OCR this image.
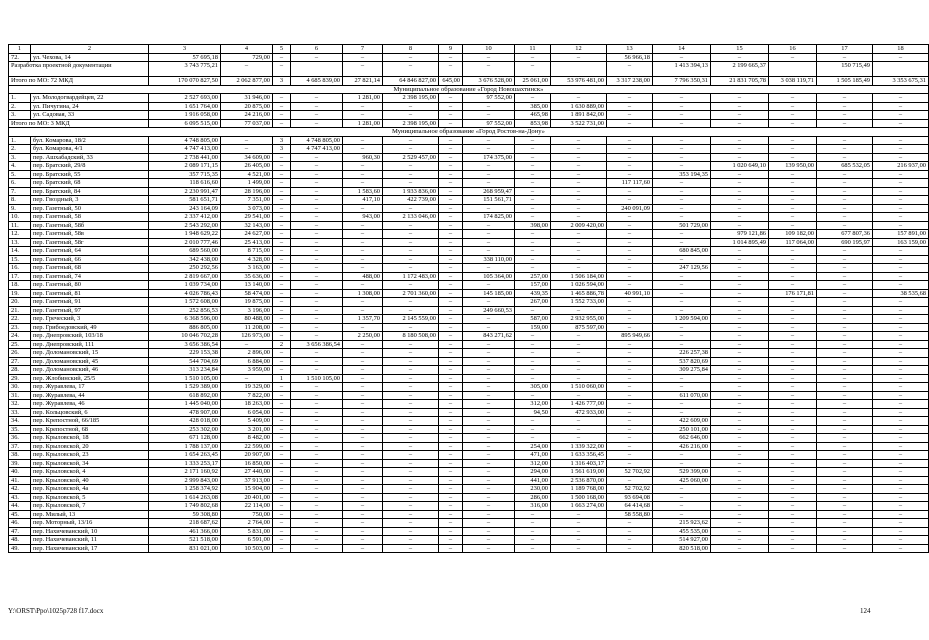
1	2	3	4	5	6	7	8	9	10	11	12	13	14	15	16	17	18
72.	ул. Чехова, 14	57 695,18	729,00	–	–	–	–	–	–	–	–	56 966,18	–	–	–	–	–
Разработка проектной документации		3 743 775,21	–	–		–	–	–	–	–		–	1 413 394,13	2 199 665,37		150 715,49	
Итого по МО: 72 МКД		170 070 827,50	2 062 877,00	3	4 685 839,00	27 821,14	64 846 827,00	645,00	3 676 528,00	25 061,00	53 976 481,00	3 317 238,00	7 796 350,31	21 831 705,78	3 038 119,71	1 505 185,49	3 353 675,31
Муниципальное образование «Город Новошахтинск»																	
1.	ул. Молодогвардейцев, 22	2 527 693,00	31 946,00	–	–	1 281,00	2 398 195,00	–	97 552,00	–	–	–	–	–	–	–	–
2.	ул. Пичугина, 24	1 651 764,00	20 875,00	–	–	–	–	–	–	385,00	1 630 889,00	–	–	–	–	–	–
3.	ул. Садовая, 33	1 916 058,00	24 216,00	–	–	–	–	–	–	465,98	1 891 842,00	–	–	–	–	–	–
Итого по МО: 3 МКД		6 095 515,00	77 037,00	–	–	1 281,00	2 398 195,00	–	97 552,00	853,98	3 522 731,00	–	–	–	–	–	–
Муниципальное образование «Город Ростов-на-Дону»																	
1.	бул. Комарова, 18/2	4 748 805,00	–	3	4 748 805,00	–	–	–	–	–	–	–	–	–	–	–	–
2.	бул. Комарова, 4/1	4 747 413,00	–	3	4 747 413,00	–	–	–	–	–	–	–	–	–	–	–	–
3.	пер. Ашхабадский, 33	2 738 441,00	34 609,00	–	–	960,30	2 529 457,00	–	174 375,00	–	–	–	–	–	–	–	–
4.	пер. Братский, 29/8	2 089 171,15	26 405,00	–	–	–	–	–	–	–	–	–	–	1 020 649,10	139 950,00	685 532,05	216 937,00
5.	пер. Братский, 55	357 715,35	4 521,00	–	–	–	–	–	–	–	–	–	353 194,35	–	–	–	–
6.	пер. Братский, 68	118 616,60	1 499,00	–	–	–	–	–	–	–	–	117 117,60	–	–	–	–	–
7.	пер. Братский, 84	2 230 991,47	28 196,00	–	–	1 583,60	1 933 836,00	–	268 959,47	–	–	–	–	–	–	–	–
8.	пер. Гвоздный, 3	581 651,71	7 351,00	–	–	417,10	422 739,00	–	151 561,71	–	–	–	–	–	–	–	–
9.	пер. Газетный, 50	243 164,09	3 073,00	–	–	–	–	–	–	–	–	240 091,09	–	–	–	–	–
10.	пер. Газетный, 58	2 337 412,00	29 541,00	–	–	943,00	2 133 046,00	–	174 825,00	–	–	–	–	–	–	–	–
11.	пер. Газетный, 58б	2 543 292,00	32 143,00	–	–	–	–	–	–	398,00	2 009 420,00	–	501 729,00	–	–	–	–
12.	пер. Газетный, 58в	1 948 629,22	24 627,00	–	–	–	–	–	–	–	–	–	–	979 121,86	109 182,00	677 807,36	157 891,00
13.	пер. Газетный, 58г	2 010 777,46	25 413,00	–	–	–	–	–	–	–	–	–	–	1 014 895,49	117 064,00	690 195,97	163 159,00
14.	пер. Газетный, 64	689 560,00	8 715,00	–	–	–	–	–	–	–	–	–	680 845,00	–	–	–	–
15.	пер. Газетный, 66	342 438,00	4 328,00	–	–	–	–	–	338 110,00	–	–	–	–	–	–	–	–
16.	пер. Газетный, 68	250 292,56	3 163,00	–	–	–	–	–	–	–	–	–	247 129,56	–	–	–	–
17.	пер. Газетный, 74	2 819 667,00	35 636,00	–	–	488,00	1 172 483,00	–	105 364,00	257,00	1 506 184,00	–	–	–	–	–	–
18.	пер. Газетный, 80	1 039 734,00	13 140,00	–	–	–	–	–	–	157,00	1 026 594,00	–	–	–	–	–	–
19.	пер. Газетный, 81	4 026 786,43	58 474,00	–	–	1 308,00	2 701 360,00	–	145 185,00	439,35	1 465 886,78	40 991,10	–	–	176 171,81	–	38 535,68
20.	пер. Газетный, 91	1 572 608,00	19 875,00	–	–	–	–	–	–	267,00	1 552 733,00	–	–	–	–	–	–
21.	пер. Газетный, 97	252 856,53	3 196,00	–	–	–	–	–	249 660,53	–	–	–	–	–	–	–	–
22.	пер. Греческий, 3	6 368 596,00	80 488,00	–	–	1 357,70	2 145 559,00	–	–	587,00	2 932 955,00	–	1 209 594,00	–	–	–	–
23.	пер. Грибоедовский, 49	886 805,00	11 208,00	–	–	–	–	–	–	159,00	875 597,00	–	–	–	–	–	–
24.	пер. Днепровский, 103/18	10 046 702,28	126 973,00	–	–	2 250,00	8 180 508,00	–	843 271,62	–	–	895 949,66	–	–	–	–	–
25.	пер. Днепровский, 111	3 656 386,54	–	2	3 656 386,54	–	–	–	–	–	–	–	–	–	–	–	–
26.	пер. Доломановский, 15	229 153,38	2 896,00	–	–	–	–	–	–	–	–	–	226 257,38	–	–	–	–
27.	пер. Доломановский, 45	544 704,69	6 884,00	–	–	–	–	–	–	–	–	–	537 820,69	–	–	–	–
28.	пер. Доломановский, 46	313 234,84	3 959,00	–	–	–	–	–	–	–	–	–	309 275,84	–	–	–	–
29.	пер. Жлобинский, 25/5	1 510 105,00	–	1	1 510 105,00	–	–	–	–	–	–	–	–	–	–	–	–
30.	пер. Журавлева, 17	1 529 389,00	19 329,00	–	–	–	–	–	–	305,00	1 510 060,00	–	–	–	–	–	–
31.	пер. Журавлева, 44	618 892,00	7 822,00	–	–	–	–	–	–	–	–	–	611 070,00	–	–	–	–
32.	пер. Журавлева, 46	1 445 040,00	18 263,00	–	–	–	–	–	–	312,00	1 426 777,00	–	–	–	–	–	–
33.	пер. Кольцовский, 6	478 907,00	6 054,00	–	–	–	–	–	–	94,50	472 933,00	–	–	–	–	–	–
34.	пер. Крепостной, 66/185	428 018,00	5 409,00	–	–	–	–	–	–	–	–	–	422 609,00	–	–	–	–
35.	пер. Крепостной, 68	253 302,00	3 201,00	–	–	–	–	–	–	–	–	–	250 101,00	–	–	–	–
36.	пер. Крыловской, 18	671 128,00	8 482,00	–	–	–	–	–	–	–	–	–	662 646,00	–	–	–	–
37.	пер. Крыловской, 20	1 788 137,00	22 599,00	–	–	–	–	–	–	254,00	1 339 322,00	–	426 216,00	–	–	–	–
38.	пер. Крыловской, 23	1 654 263,45	20 907,00	–	–	–	–	–	–	471,00	1 633 356,45	–	–	–	–	–	–
39.	пер. Крыловской, 34	1 333 253,17	16 850,00	–	–	–	–	–	–	312,00	1 316 403,17	–	–	–	–	–	–
40.	пер. Крыловской, 4	2 171 160,92	27 440,00	–	–	–	–	–	–	294,00	1 561 619,00	52 702,92	529 399,00	–	–	–	–
41.	пер. Крыловской, 40	2 999 843,00	37 913,00	–	–	–	–	–	–	441,00	2 536 870,00	–	425 060,00	–	–	–	–
42.	пер. Крыловской, 4а	1 258 374,92	15 904,00	–	–	–	–	–	–	230,00	1 189 768,00	52 702,92	–	–	–	–	–
43.	пер. Крыловской, 5	1 614 263,08	20 401,00	–	–	–	–	–	–	286,00	1 500 168,00	93 694,08	–	–	–	–	–
44.	пер. Крыловской, 7	1 749 802,68	22 114,00	–	–	–	–	–	–	316,00	1 663 274,00	64 414,68	–	–	–	–	–
45.	пер. Милый, 13	59 308,80	750,00	–	–	–	–	–	–	–	–	58 558,80	–	–	–	–	–
46.	пер. Моторный, 13/16	218 687,62	2 764,00	–	–	–	–	–	–	–	–	–	215 923,62	–	–	–	–
47.	пер. Нахичеванский, 10	461 366,00	5 831,00	–	–	–	–	–	–	–	–	–	455 535,00	–	–	–	–
48.	пер. Нахичеванский, 11	521 518,00	6 591,00	–	–	–	–	–	–	–	–	–	514 927,00	–	–	–	–
49.	пер. Нахичеванский, 17	831 021,00	10 503,00	–	–	–	–	–	–	–	–	–	820 518,00	–	–	–	–
Y:\ORST\Ppo\1025p728 f17.docx	124
